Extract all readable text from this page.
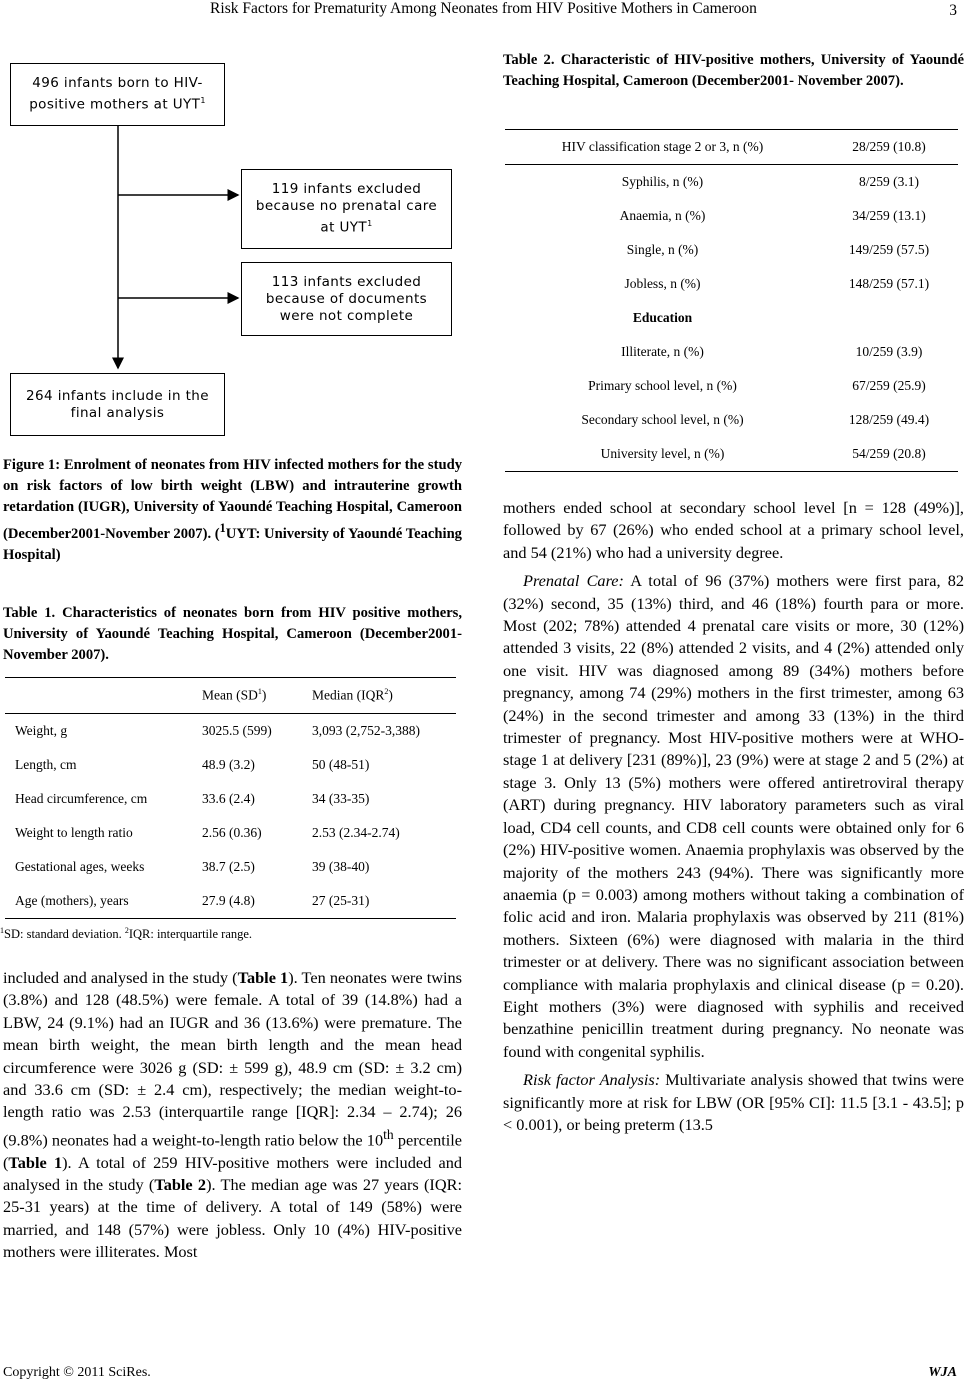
Risk Factors for Prematurity Among Neonates from HIV Positive Mothers in Cameroon	3
496 infants born to HIV-positive mothers at UYT$^1$
119 infants excluded because no prenatal care at UYT$^1$
113 infants excluded because of documents were not complete
264 infants include in the final analysis
Figure 1: Enrolment of neonates from HIV infected mothers for the study on risk factors of low birth weight (LBW) and intrauterine growth retardation (IUGR), University of Yaoundé Teaching Hospital, Cameroon (December2001-November 2007). ($^1$UYT: University of Yaoundé Teaching Hospital)
Table 1. Characteristics of neonates born from HIV positive mothers, University of Yaoundé Teaching Hospital, Cameroon (December2001- November 2007).
	Mean $(SD^1)$	Median (IQR$^2$)
Weight, g	3025.5 (599)	3,093 (2,752-3,388)
Length, cm	48.9 (3.2)	50 (48-51)
Head circumference, cm	33.6 (2.4)	34 (33-35)
Weight to length ratio	2.56 (0.36)	2.53 (2.34-2.74)
Gestational ages, weeks	38.7 (2.5)	39 (38-40)
Age (mothers), years	27.9 (4.8)	27 (25-31)
$^1$SD: standard deviation. $^2$IQR: interquartile range.

included and analysed in the study (Table 1). Ten neonates were twins (3.8%) and 128 (48.5%) were female. A total of 39 (14.8%) had a LBW, 24 (9.1%) had an IUGR and 36 (13.6%) were premature. The mean birth weight, the mean birth length and the mean head circumference were 3026 g (SD: ± 599 g), 48.9 cm (SD: ± 3.2 cm) and 33.6 cm (SD: ± 2.4 cm), respectively; the median weight-to-length ratio was 2.53 (interquartile range [IQR]: 2.34 – 2.74); 26 (9.8%) neonates had a weight-to-length ratio below the 10th percentile (Table 1). A total of 259 HIV-positive mothers were included and analysed in the study (Table 2). The median age was 27 years (IQR: 25-31 years) at the time of delivery. A total of 149 (58%) were married, and 148 (57%) were jobless. Only 10 (4%) HIV-positive mothers were illiterates. Most

Table 2. Characteristic of HIV-positive mothers, University of Yaoundé Teaching Hospital, Cameroon (December2001- November 2007).
HIV classification stage 2 or 3, n (%)	28/259 (10.8)
Syphilis, n (%)	8/259 (3.1)
Anaemia, n (%)	34/259 (13.1)
Single, n (%)	149/259 (57.5)
Jobless, n (%)	148/259 (57.1)
Education	
Illiterate, n (%)	10/259 (3.9)
Primary school level, n (%)	67/259 (25.9)
Secondary school level, n (%)	128/259 (49.4)
University level, n (%)	54/259 (20.8)

mothers ended school at secondary school level [n = 128 (49%)], followed by 67 (26%) who ended school at a primary school level, and 54 (21%) who had a university degree.

Prenatal Care: A total of 96 (37%) mothers were first para, 82 (32%) second, 35 (13%) third, and 46 (18%) fourth para or more. Most (202; 78%) attended 4 prenatal care visits or more, 30 (12%) attended 3 visits, 22 (8%) attended 2 visits, and 4 (2%) attended only one visit. HIV was diagnosed among 89 (34%) mothers before pregnancy, among 74 (29%) mothers in the first trimester, among 63 (24%) in the second trimester and among 33 (13%) in the third trimester of pregnancy. Most HIV-positive mothers were at WHO-stage 1 at delivery [231 (89%)], 23 (9%) were at stage 2 and 5 (2%) at stage 3. Only 13 (5%) mothers were offered antiretroviral therapy (ART) during pregnancy. HIV laboratory parameters such as viral load, CD4 cell counts, and CD8 cell counts were obtained only for 6 (2%) HIV-positive women. Anaemia prophylaxis was observed by the majority of the mothers 243 (94%). There was significantly more anaemia (p = 0.003) among mothers without taking a combination of folic acid and iron. Malaria prophylaxis was observed by 211 (81%) mothers. Sixteen (6%) were diagnosed with malaria in the third trimester or at delivery. There was no significant association between compliance with malaria prophylaxis and clinical disease (p = 0.20). Eight mothers (3%) were diagnosed with syphilis and received benzathine penicillin treatment during pregnancy. No neonate was found with congenital syphilis.

Risk factor Analysis: Multivariate analysis showed that twins were significantly more at risk for LBW (OR [95% CI]: 11.5 [3.1 - 43.5]; p < 0.001), or being preterm (13.5

Copyright © 2011 SciRes.	WJA
